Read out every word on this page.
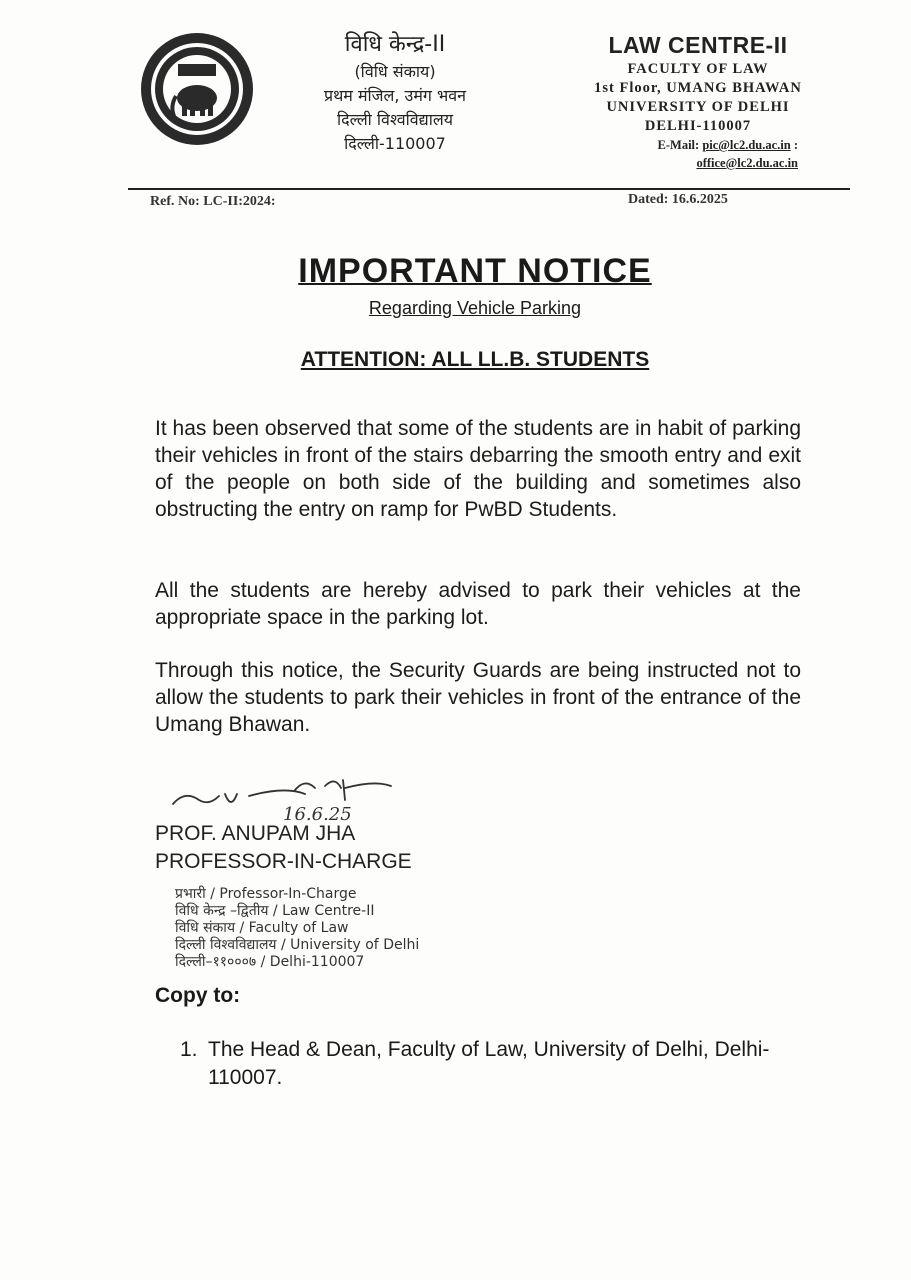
विधि केन्द्र-II
(विधि संकाय)
प्रथम मंजिल, उमंग भवन
दिल्ली विश्वविद्यालय
दिल्ली-110007
LAW CENTRE-II
FACULTY OF LAW
1st Floor, UMANG BHAWAN
UNIVERSITY OF DELHI
DELHI-110007
E-Mail: pic@lc2.du.ac.in :
office@lc2.du.ac.in
Ref. No: LC-II:2024:	Dated: 16.6.2025
IMPORTANT NOTICE
Regarding Vehicle Parking
ATTENTION: ALL LL.B. STUDENTS
It has been observed that some of the students are in habit of parking their vehicles in front of the stairs debarring the smooth entry and exit of the people on both side of the building and sometimes also obstructing the entry on ramp for PwBD Students.
All the students are hereby advised to park their vehicles at the appropriate space in the parking lot.
Through this notice, the Security Guards are being instructed not to allow the students to park their vehicles in front of the entrance of the Umang Bhawan.
16.6.25
PROF. ANUPAM JHA
PROFESSOR-IN-CHARGE
प्रभारी / Professor-In-Charge
विधि केन्द्र –द्वितीय / Law Centre-II
विधि संकाय / Faculty of Law
दिल्ली विश्वविद्यालय / University of Delhi
दिल्ली–११०००७ / Delhi-110007
Copy to:
1. The Head & Dean, Faculty of Law, University of Delhi, Delhi-110007.
